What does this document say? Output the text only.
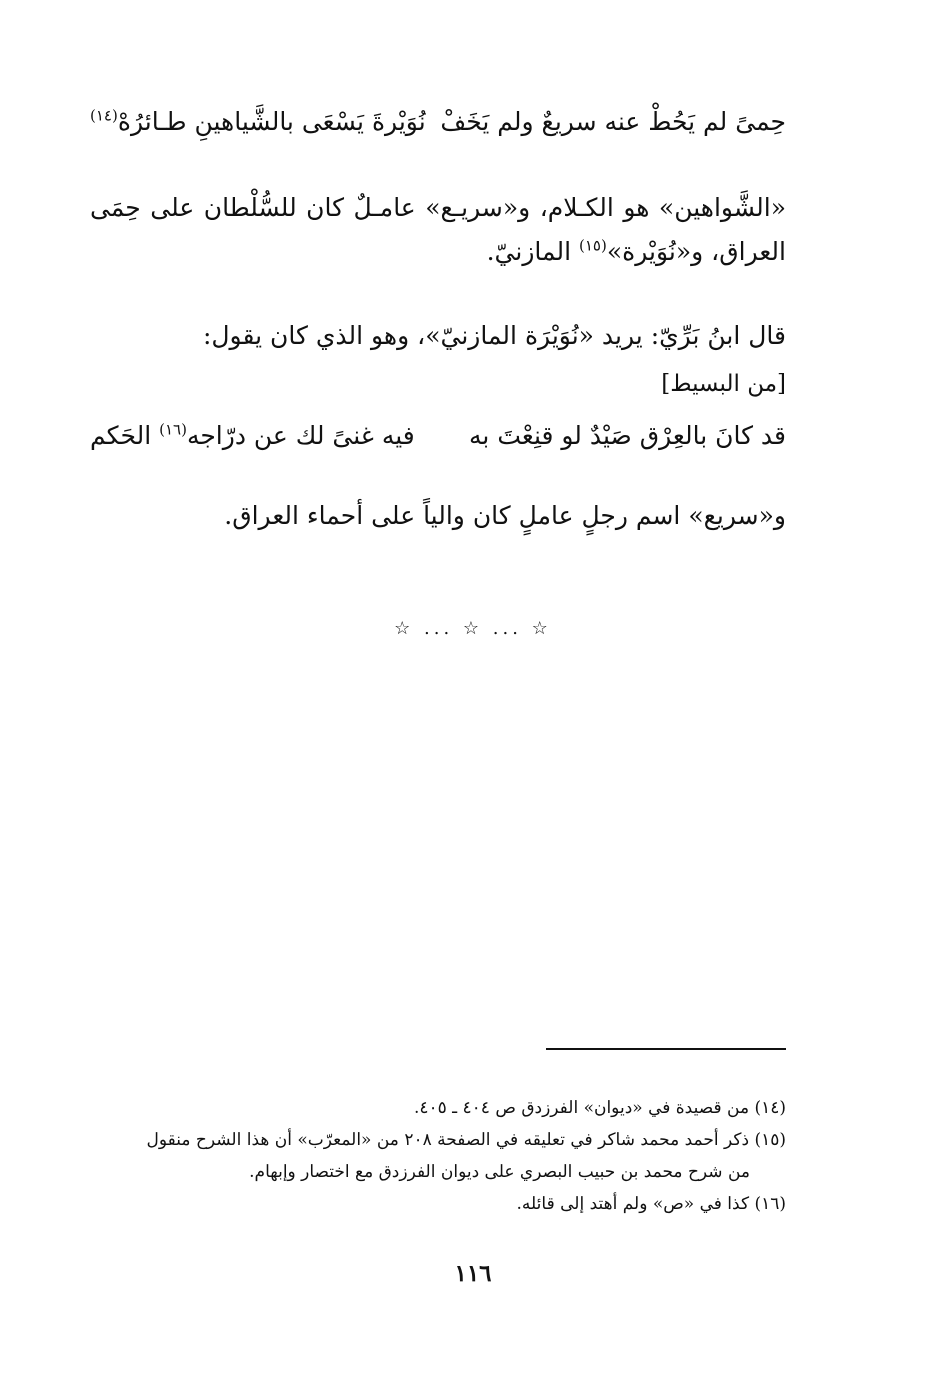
حِمىً لم يَحُطْ عنه سريعٌ ولم يَخَفْ
نُوَيْرةَ يَسْعَى بالشَّياهينِ طـائرُهْ$^{(١٤)}$

«الشَّواهين» هو الكـلام، و«سريـع» عامـلٌ كان للسُّلْطان على حِمَى العراق، و«نُوَيْرة»$^{(١٥)}$ المازنيّ.

قال ابنُ بَرِّيّ: يريد «نُوَيْرَة المازنيّ»، وهو الذي كان يقول:

[من البسيط]
قد كانَ بالعِرْق صَيْدٌ لو قنِعْتَ به
فيه غنىً لك عن درّاجه$^{(١٦)}$ الحَكم

و«سريع» اسم رجلٍ عاملٍ كان والياً على أحماء العراق.

☆ ... ☆ ... ☆

(١٤) من قصيدة في «ديوان» الفرزدق ص ٤٠٤ ـ ٤٠٥.

(١٥) ذكر أحمد محمد شاكر في تعليقه في الصفحة ٢٠٨ من «المعرّب» أن هذا الشرح منقول

من شرح محمد بن حبيب البصري على ديوان الفرزدق مع اختصار وإبهام.

(١٦) كذا في «ص» ولم أهتد إلى قائله.

١١٦
